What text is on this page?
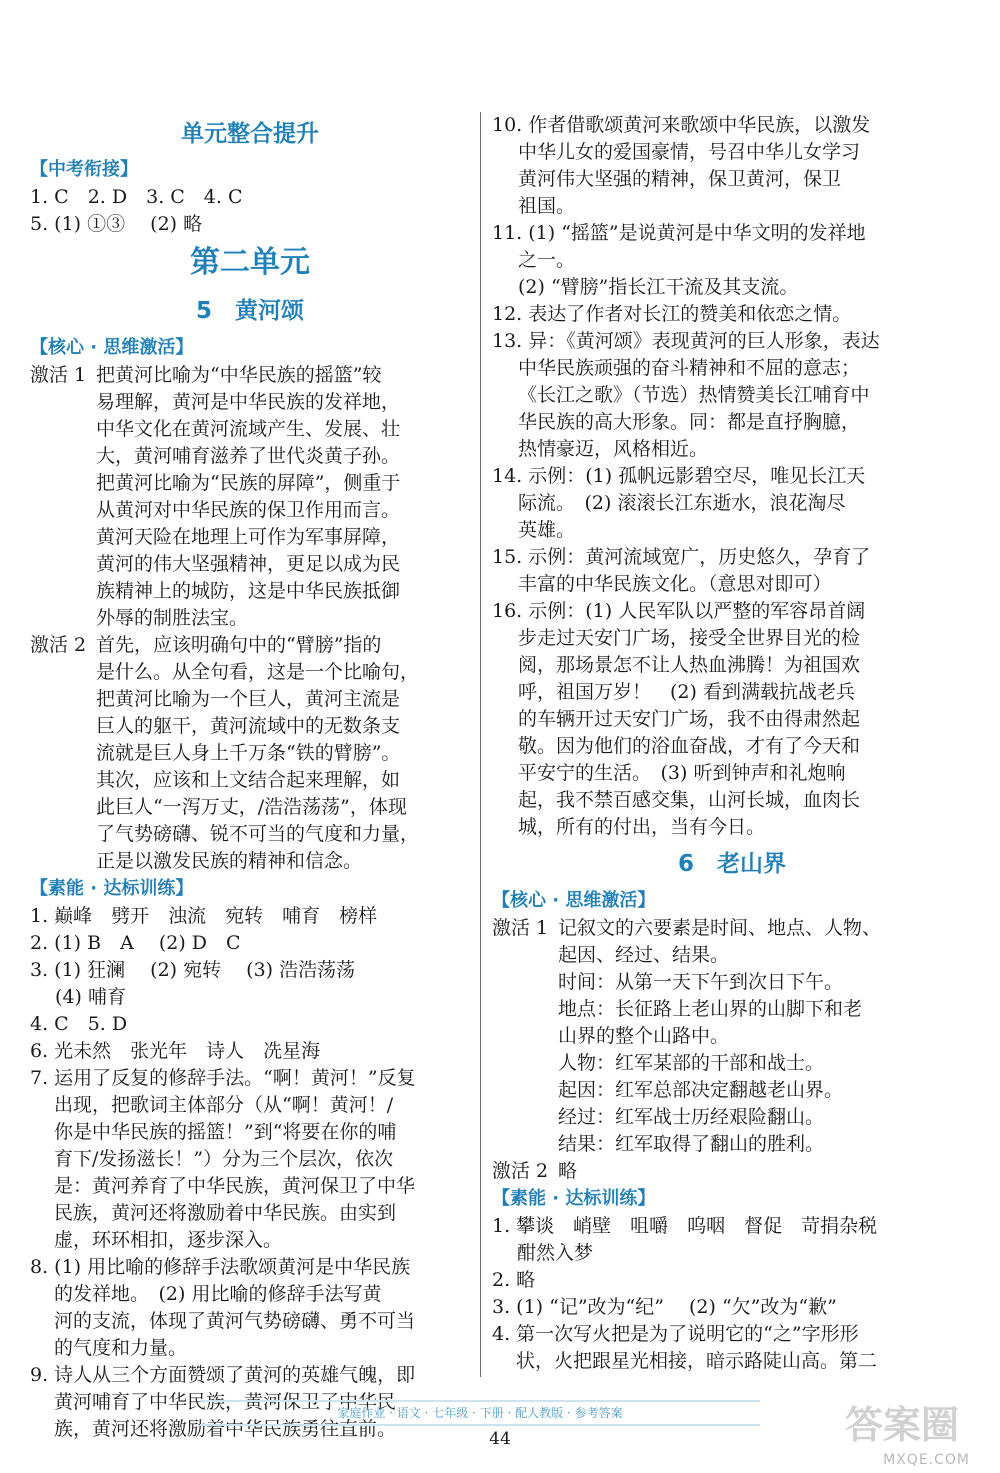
单元整合提升
【中考衔接】
1. C　2. D　3. C　4. C
5. (1) ①③　 (2) 略
第二单元
5　黄河颂
【核心 · 思维激活】
激活 1 把黄河比喻为“中华民族的摇篮”较
易理解，黄河是中华民族的发祥地，
中华文化在黄河流域产生、发展、壮
大，黄河哺育滋养了世代炎黄子孙。
把黄河比喻为“民族的屏障”，侧重于
从黄河对中华民族的保卫作用而言。
黄河天险在地理上可作为军事屏障，
黄河的伟大坚强精神，更足以成为民
族精神上的城防，这是中华民族抵御
外辱的制胜法宝。
激活 2 首先，应该明确句中的“臂膀”指的
是什么。从全句看，这是一个比喻句，
把黄河比喻为一个巨人，黄河主流是
巨人的躯干，黄河流域中的无数条支
流就是巨人身上千万条“铁的臂膀”。
其次，应该和上文结合起来理解，如
此巨人“一泻万丈，/浩浩荡荡”，体现
了气势磅礴、锐不可当的气度和力量，
正是以激发民族的精神和信念。
【素能 · 达标训练】
1. 巅峰　劈开　浊流　宛转　哺育　榜样
2. (1) B　A　 (2) D　C
3. (1) 狂澜　 (2) 宛转　 (3) 浩浩荡荡
　 (4) 哺育
4. C　5. D
6. 光未然　张光年　诗人　冼星海
7. 运用了反复的修辞手法。“啊！黄河！”反复
出现，把歌词主体部分（从“啊！黄河！/
你是中华民族的摇篮！”到“将要在你的哺
育下/发扬滋长！”）分为三个层次，依次
是：黄河养育了中华民族，黄河保卫了中华
民族，黄河还将激励着中华民族。由实到
虚，环环相扣，逐步深入。
8. (1) 用比喻的修辞手法歌颂黄河是中华民族
的发祥地。　(2) 用比喻的修辞手法写黄
河的支流，体现了黄河气势磅礴、勇不可当
的气度和力量。
9. 诗人从三个方面赞颂了黄河的英雄气魄，即
黄河哺育了中华民族，黄河保卫了中华民
族，黄河还将激励着中华民族勇往直前。
10. 作者借歌颂黄河来歌颂中华民族，以激发
中华儿女的爱国豪情，号召中华儿女学习
黄河伟大坚强的精神，保卫黄河，保卫
祖国。
11. (1) “摇篮”是说黄河是中华文明的发祥地
之一。
(2) “臂膀”指长江干流及其支流。
12. 表达了作者对长江的赞美和依恋之情。
13. 异：《黄河颂》表现黄河的巨人形象，表达
中华民族顽强的奋斗精神和不屈的意志；
《长江之歌》（节选）热情赞美长江哺育中
华民族的高大形象。同：都是直抒胸臆，
热情豪迈，风格相近。
14. 示例：(1) 孤帆远影碧空尽，唯见长江天
际流。　(2) 滚滚长江东逝水，浪花淘尽
英雄。
15. 示例：黄河流域宽广，历史悠久，孕育了
丰富的中华民族文化。（意思对即可）
16. 示例：(1) 人民军队以严整的军容昂首阔
步走过天安门广场，接受全世界目光的检
阅，那场景怎不让人热血沸腾！为祖国欢
呼，祖国万岁！　(2) 看到满载抗战老兵
的车辆开过天安门广场，我不由得肃然起
敬。因为他们的浴血奋战，才有了今天和
平安宁的生活。　(3) 听到钟声和礼炮响
起，我不禁百感交集，山河长城，血肉长
城，所有的付出，当有今日。
6　老山界
【核心 · 思维激活】
激活 1 记叙文的六要素是时间、地点、人物、
起因、经过、结果。
时间：从第一天下午到次日下午。
地点：长征路上老山界的山脚下和老
山界的整个山路中。
人物：红军某部的干部和战士。
起因：红军总部决定翻越老山界。
经过：红军战士历经艰险翻山。
结果：红军取得了翻山的胜利。
激活 2 略
【素能 · 达标训练】
1. 攀谈　峭壁　咀嚼　呜咽　督促　苛捐杂税
　 酣然入梦
2. 略
3. (1) “记”改为“纪”　 (2) “欠”改为“歉”
4. 第一次写火把是为了说明它的“之”字形形
状，火把跟星光相接，暗示路陡山高。第二
家庭作业 · 语文 · 七年级 · 下册 · 配人教版 · 参考答案
44	答案圈
MXQE.COM
